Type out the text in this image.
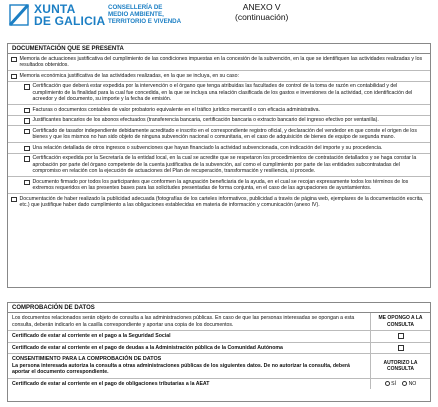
XUNTA
DE GALICIA
CONSELLERÍA DE
MEDIO AMBIENTE,
TERRITORIO E VIVENDA
ANEXO V
(continuación)
DOCUMENTACIÓN QUE SE PRESENTA
Memoria de actuaciones justificativa del cumplimiento de las condiciones impuestas en la concesión de la subvención, en la que se identifiquen las actividades realizadas y los resultados obtenidos.
Memoria económica justificativa de las actividades realizadas, en la que se incluya, en su caso:
Certificación que deberá estar expedida por la intervención o el órgano que tenga atribuidas las facultades de control de la toma de razón en contabilidad y del cumplimiento de la finalidad para la cual fue concedida, en la que se incluya una relación clasificada de los gastos e inversiones de la actividad, con identificación del acreedor y del documento, su importe y la fecha de emisión.
Facturas o documentos contables de valor probatorio equivalente en el tráfico jurídico mercantil o con eficacia administrativa.
Justificantes bancarios de los abonos efectuados (transferencia bancaria, certificación bancaria o extracto bancario del ingreso efectivo por ventanilla).
Certificado de tasador independiente debidamente acreditado e inscrito en el correspondiente registro oficial, y declaración del vendedor en que conste el origen de los bienes y que los mismos no han sido objeto de ninguna subvención nacional o comunitaria, en el caso de adquisición de bienes de equipo de segunda mano.
Una relación detallada de otros ingresos o subvenciones que hayan financiado la actividad subvencionada, con indicación del importe y su procedencia.
Certificación expedida por la Secretaría de la entidad local, en la cual se acredite que se respetaron los procedimientos de contratación detallados y se haga constar la aprobación por parte del órgano competente de la cuenta justificativa de la subvención, así como el cumplimiento por parte de las entidades subcontratadas del compromiso en relación con la ejecución de actuaciones del Plan de recuperación, transformación y resiliencia, si procede.
Documento firmado por todos los participantes que conformen la agrupación beneficiaria de la ayuda, en el cual se recojan expresamente todos los términos de los extremos requeridos en las presentes bases para las solicitudes presentadas de forma conjunta, en el caso de las agrupaciones de ayuntamientos.
Documentación de haber realizado la publicidad adecuada (fotografías de los carteles informativos, publicidad a través de página web, ejemplares de la documentación escrita, etc.) que justifique haber dado cumplimiento a las obligaciones establecidas en materia de información y comunicación (anexo IV).
COMPROBACIÓN DE DATOS
Los documentos relacionados serán objeto de consulta a las administraciones públicas. En caso de que las personas interesadas se opongan a esta consulta, deberán indicarlo en la casilla correspondiente y aportar una copia de los documentos.
ME OPONGO A LA CONSULTA
Certificado de estar al corriente en el pago a la Seguridad Social
Certificado de estar al corriente en el pago de deudas a la Administración pública de la Comunidad Autónoma
CONSENTIMIENTO PARA LA COMPROBACIÓN DE DATOS
La persona interesada autoriza la consulta a otras administraciones públicas de los siguientes datos. De no autorizar la consulta, deberá aportar el documento correspondiente.
AUTORIZO LA CONSULTA
Certificado de estar al corriente en el pago de obligaciones tributarias a la AEAT	SÍ	NO
